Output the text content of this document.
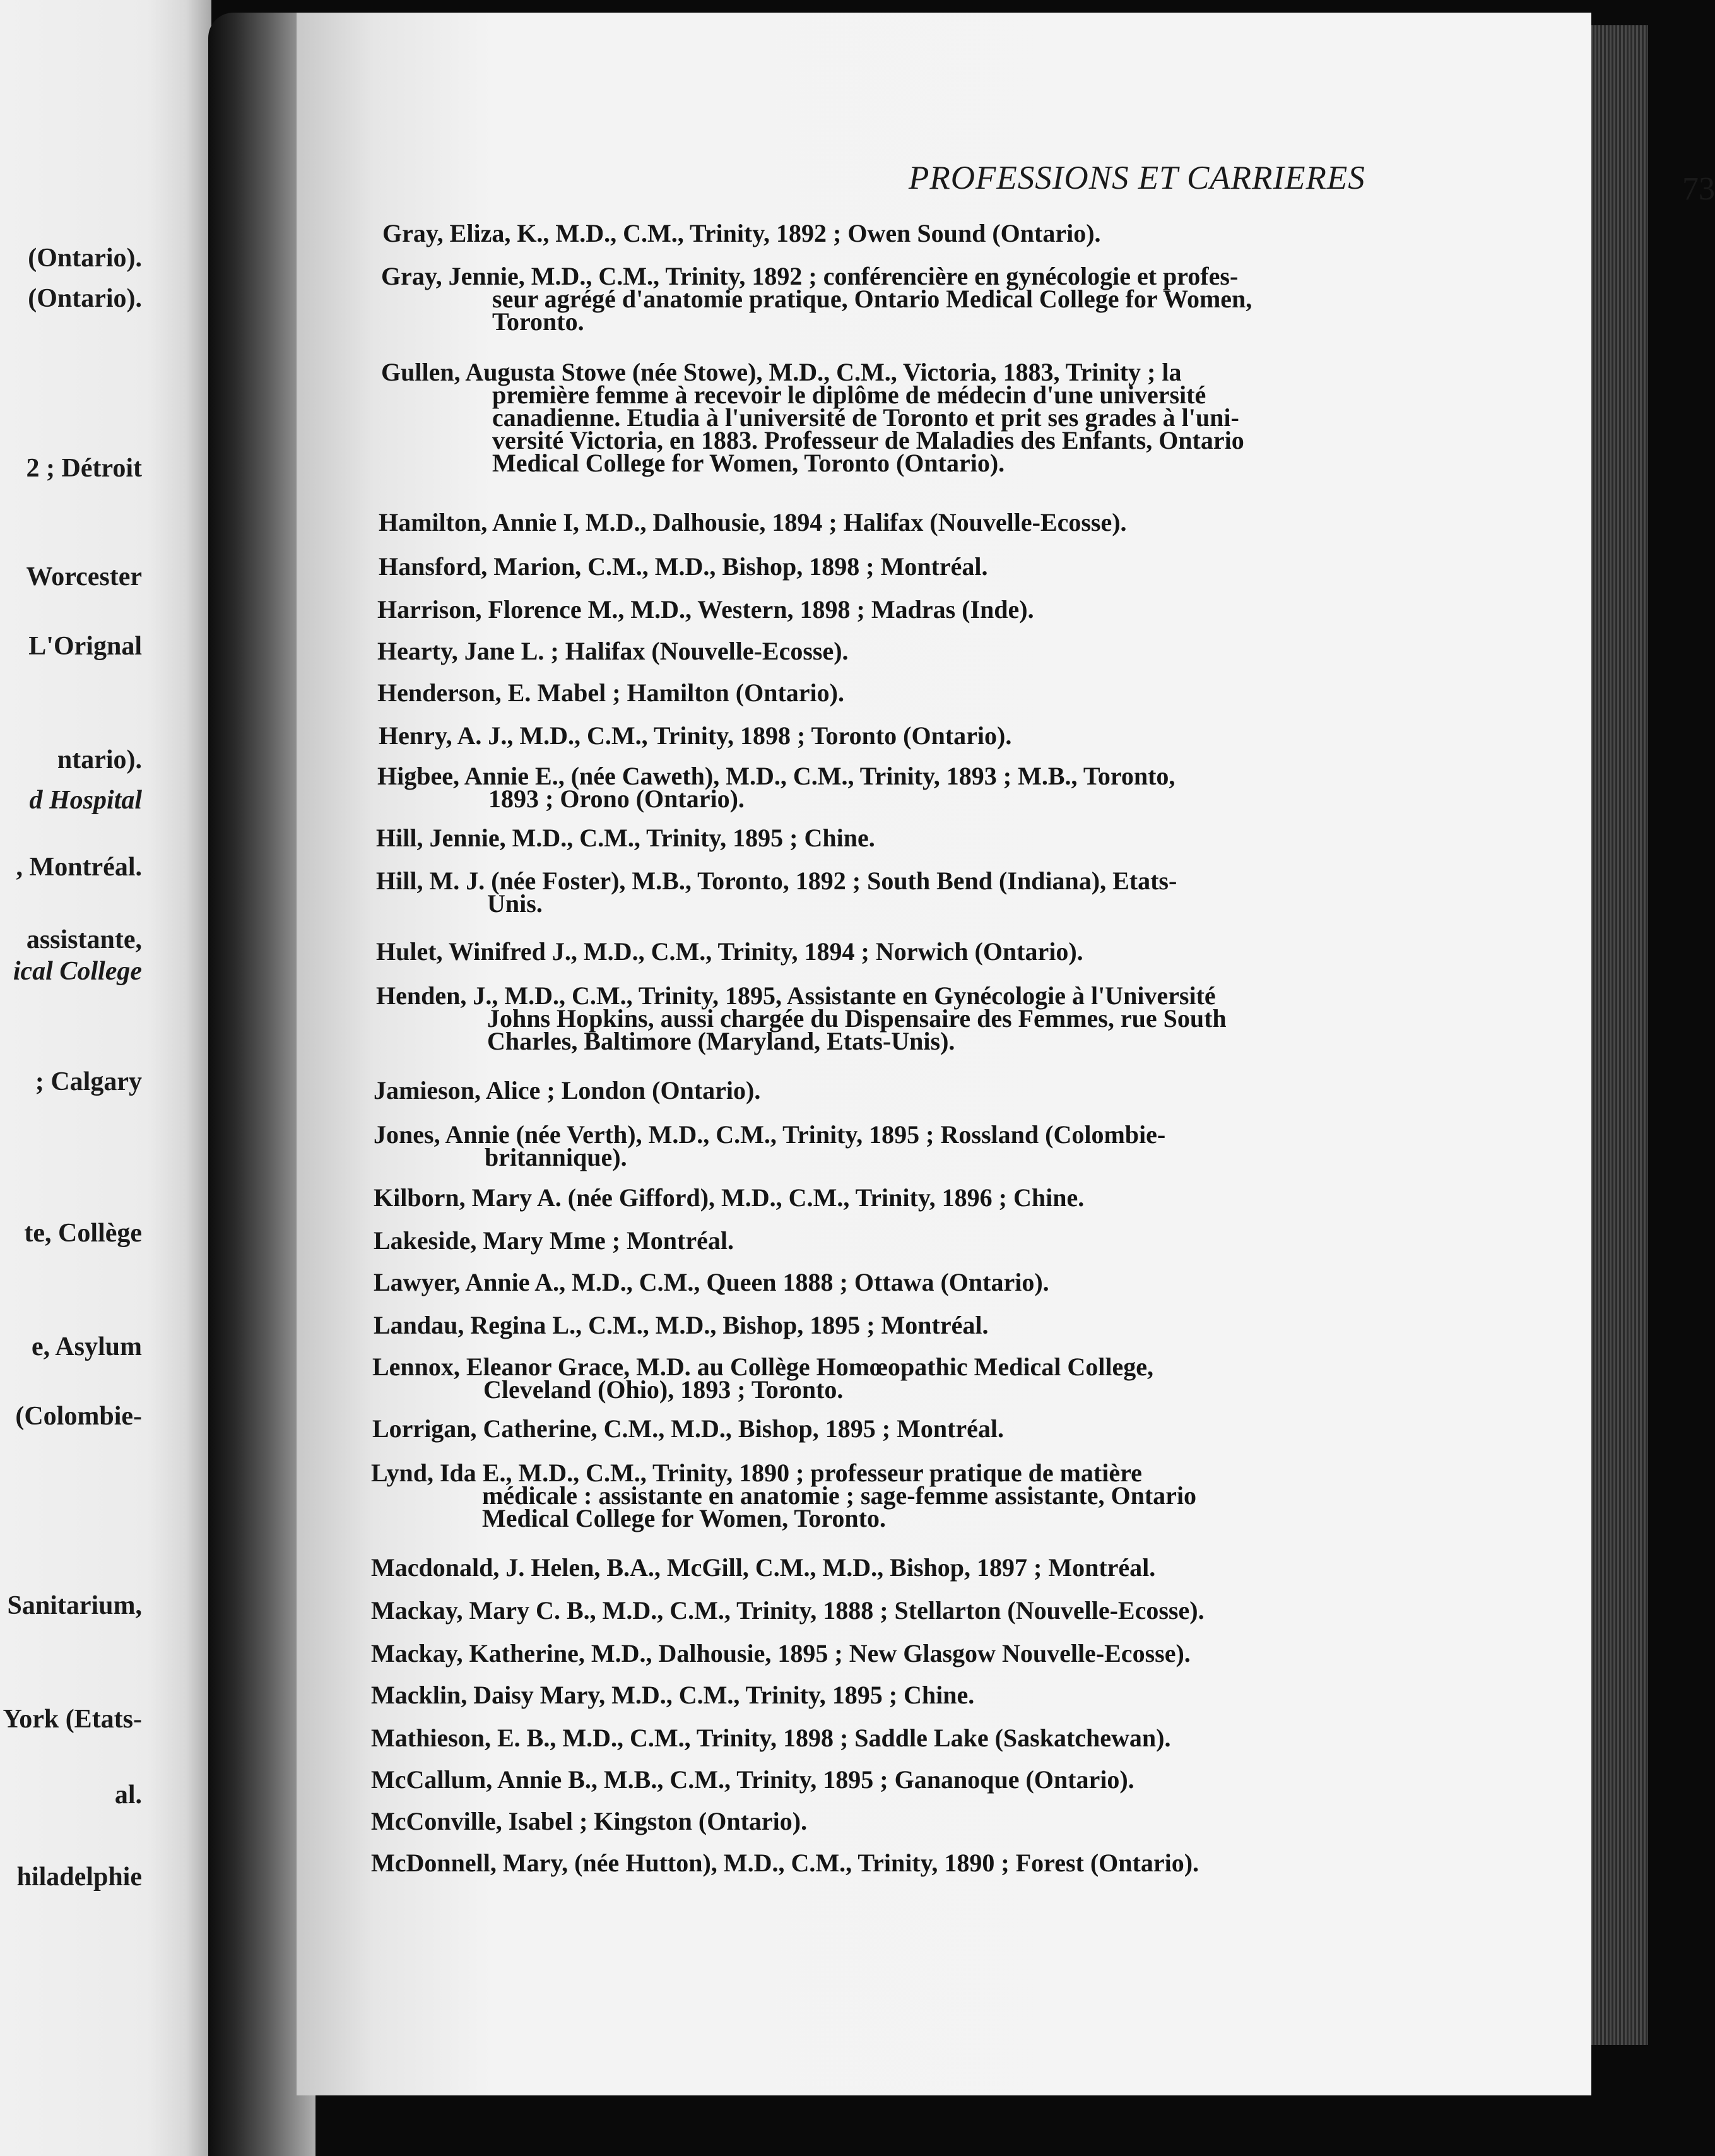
(Ontario).
(Ontario).
2 ; Détroit
Worcester
L'Orignal
ntario).
d Hospital
, Montréal.
assistante,
ical College
; Calgary
te, Collège
e, Asylum
(Colombie-
Sanitarium,
York (Etats-
al.
hiladelphie
PROFESSIONS ET CARRIERES	73
Gray, Eliza, K., M.D., C.M., Trinity, 1892 ; Owen Sound (Ontario).
Gray, Jennie, M.D., C.M., Trinity, 1892 ; conférencière en gynécologie et profes-
seur agrégé d'anatomie pratique, Ontario Medical College for Women,
Toronto.
Gullen, Augusta Stowe (née Stowe), M.D., C.M., Victoria, 1883, Trinity ; la
première femme à recevoir le diplôme de médecin d'une université
canadienne. Etudia à l'université de Toronto et prit ses grades à l'uni-
versité Victoria, en 1883. Professeur de Maladies des Enfants, Ontario
Medical College for Women, Toronto (Ontario).
Hamilton, Annie I, M.D., Dalhousie, 1894 ; Halifax (Nouvelle-Ecosse).
Hansford, Marion, C.M., M.D., Bishop, 1898 ; Montréal.
Harrison, Florence M., M.D., Western, 1898 ; Madras (Inde).
Hearty, Jane L. ; Halifax (Nouvelle-Ecosse).
Henderson, E. Mabel ; Hamilton (Ontario).
Henry, A. J., M.D., C.M., Trinity, 1898 ; Toronto (Ontario).
Higbee, Annie E., (née Caweth), M.D., C.M., Trinity, 1893 ; M.B., Toronto,
1893 ; Orono (Ontario).
Hill, Jennie, M.D., C.M., Trinity, 1895 ; Chine.
Hill, M. J. (née Foster), M.B., Toronto, 1892 ; South Bend (Indiana), Etats-
Unis.
Hulet, Winifred J., M.D., C.M., Trinity, 1894 ; Norwich (Ontario).
Henden, J., M.D., C.M., Trinity, 1895, Assistante en Gynécologie à l'Université
Johns Hopkins, aussi chargée du Dispensaire des Femmes, rue South
Charles, Baltimore (Maryland, Etats-Unis).
Jamieson, Alice ; London (Ontario).
Jones, Annie (née Verth), M.D., C.M., Trinity, 1895 ; Rossland (Colombie-
britannique).
Kilborn, Mary A. (née Gifford), M.D., C.M., Trinity, 1896 ; Chine.
Lakeside, Mary Mme ; Montréal.
Lawyer, Annie A., M.D., C.M., Queen 1888 ; Ottawa (Ontario).
Landau, Regina L., C.M., M.D., Bishop, 1895 ; Montréal.
Lennox, Eleanor Grace, M.D. au Collège Homœopathic Medical College,
Cleveland (Ohio), 1893 ; Toronto.
Lorrigan, Catherine, C.M., M.D., Bishop, 1895 ; Montréal.
Lynd, Ida E., M.D., C.M., Trinity, 1890 ; professeur pratique de matière
médicale : assistante en anatomie ; sage-femme assistante, Ontario
Medical College for Women, Toronto.
Macdonald, J. Helen, B.A., McGill, C.M., M.D., Bishop, 1897 ; Montréal.
Mackay, Mary C. B., M.D., C.M., Trinity, 1888 ; Stellarton (Nouvelle-Ecosse).
Mackay, Katherine, M.D., Dalhousie, 1895 ; New Glasgow Nouvelle-Ecosse).
Macklin, Daisy Mary, M.D., C.M., Trinity, 1895 ; Chine.
Mathieson, E. B., M.D., C.M., Trinity, 1898 ; Saddle Lake (Saskatchewan).
McCallum, Annie B., M.B., C.M., Trinity, 1895 ; Gananoque (Ontario).
McConville, Isabel ; Kingston (Ontario).
McDonnell, Mary, (née Hutton), M.D., C.M., Trinity, 1890 ; Forest (Ontario).
